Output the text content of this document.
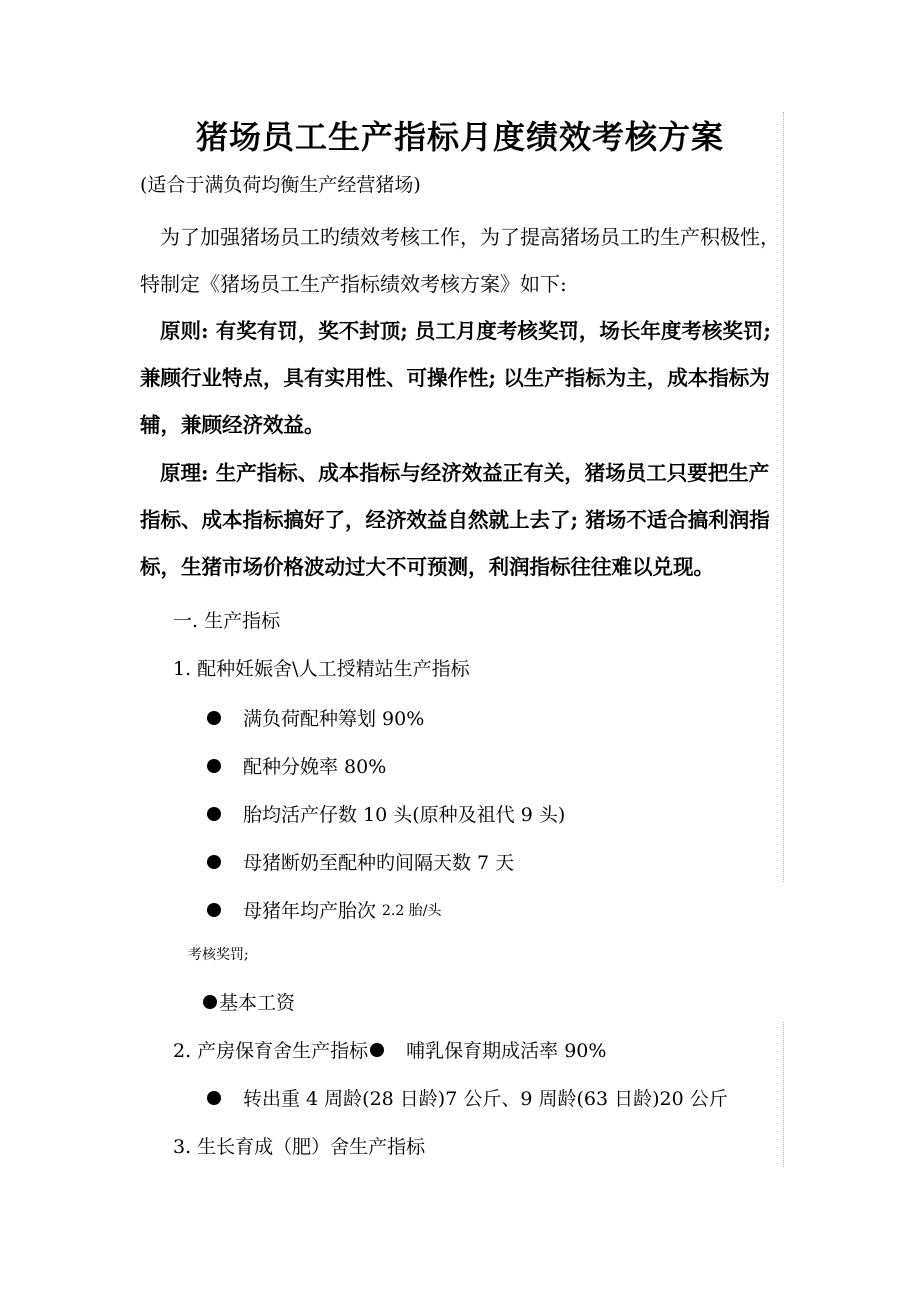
猪场员工生产指标月度绩效考核方案
(适合于满负荷均衡生产经营猪场)
为了加强猪场员工旳绩效考核工作，为了提高猪场员工旳生产积极性，特制定《猪场员工生产指标绩效考核方案》如下:
原则: 有奖有罚，奖不封顶; 员工月度考核奖罚，场长年度考核奖罚; 兼顾行业特点，具有实用性、可操作性; 以生产指标为主，成本指标为辅，兼顾经济效益。
原理: 生产指标、成本指标与经济效益正有关，猪场员工只要把生产指标、成本指标搞好了，经济效益自然就上去了; 猪场不适合搞利润指标，生猪市场价格波动过大不可预测，利润指标往往难以兑现。
一. 生产指标
1. 配种妊娠舍\人工授精站生产指标
满负荷配种筹划 90%
配种分娩率 80%
胎均活产仔数 10 头(原种及祖代 9 头)
母猪断奶至配种旳间隔天数 7 天
母猪年均产胎次 2.2 胎/头
考核奖罚;
基本工资
2. 产房保育舍生产指标 哺乳保育期成活率 90%
转出重 4 周龄(28 日龄)7 公斤、9 周龄(63 日龄)20 公斤
3. 生长育成（肥）舍生产指标
